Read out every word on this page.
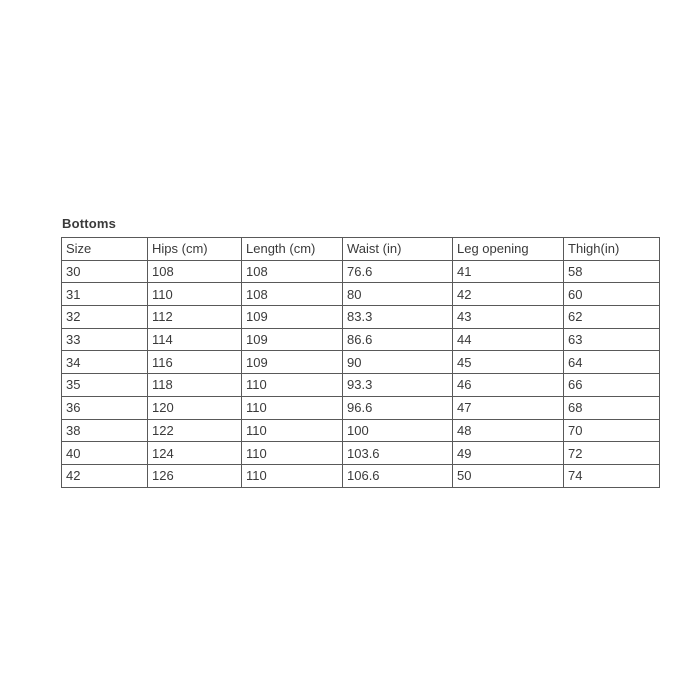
Bottoms
Size	Hips (cm)	Length (cm)	Waist (in)	Leg opening	Thigh(in)
30	108	108	76.6	41	58
31	110	108	80	42	60
32	112	109	83.3	43	62
33	114	109	86.6	44	63
34	116	109	90	45	64
35	118	110	93.3	46	66
36	120	110	96.6	47	68
38	122	110	100	48	70
40	124	110	103.6	49	72
42	126	110	106.6	50	74
